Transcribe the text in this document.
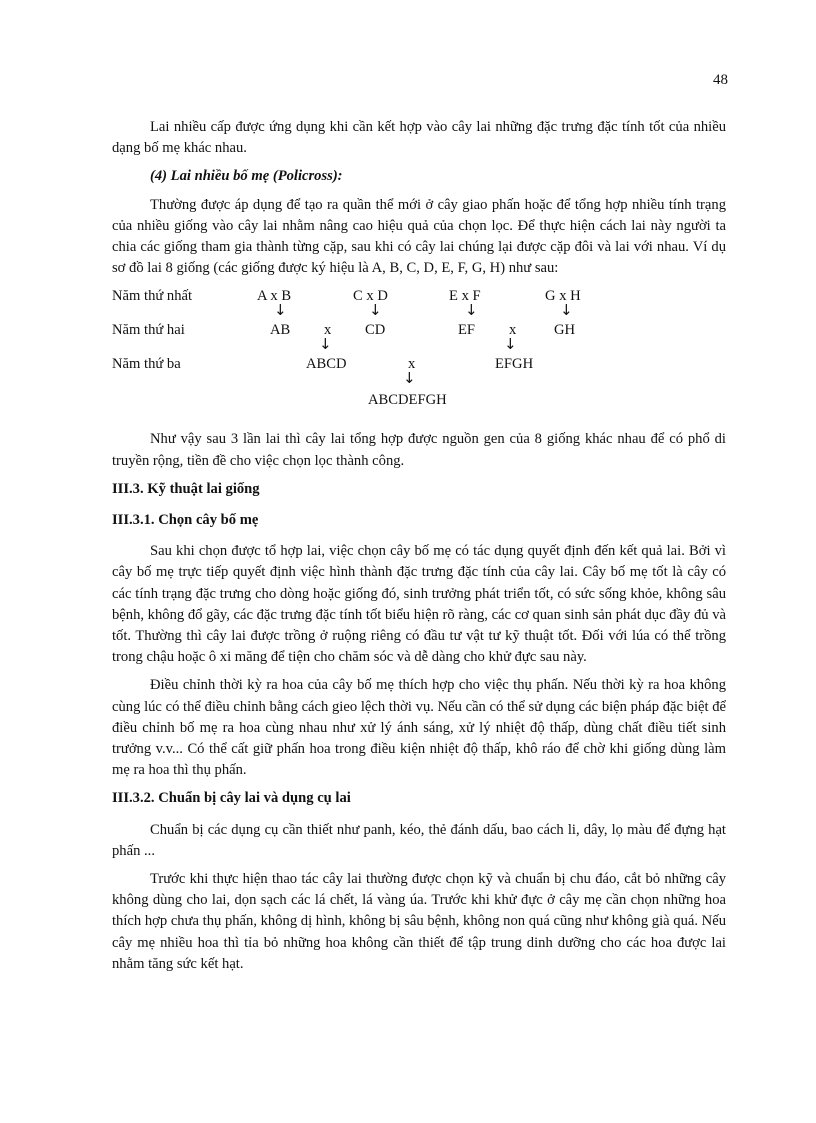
48

Lai nhiều cấp được ứng dụng khi cần kết hợp vào cây lai những đặc trưng đặc tính tốt của nhiều dạng bố mẹ khác nhau.

(4) Lai nhiều bố mẹ (Policross):

Thường được áp dụng để tạo ra quần thể mới ở cây giao phấn hoặc để tổng hợp nhiều tính trạng của nhiều giống vào cây lai nhằm nâng cao hiệu quả của chọn lọc. Để thực hiện cách lai này người ta chia các giống tham gia thành từng cặp, sau khi có cây lai chúng lại được cặp đôi và lai với nhau. Ví dụ sơ đồ lai 8 giống (các giống được ký hiệu là A, B, C, D, E, F, G, H) như sau:

Năm thứ nhất	A x B	C x D	E x F	G x H
↓	↓	↓	↓
Năm thứ hai	AB x CD	EF x	GH
↓	↓
Năm thứ ba	ABCD	x	EFGH
↓
ABCDEFGH

Như vậy sau 3 lần lai thì cây lai tổng hợp được nguồn gen của 8 giống khác nhau để có phổ di truyền rộng, tiền đề cho việc chọn lọc thành công.

III.3. Kỹ thuật lai giống
III.3.1. Chọn cây bố mẹ

Sau khi chọn được tổ hợp lai, việc chọn cây bố mẹ có tác dụng quyết định đến kết quả lai. Bởi vì cây bố mẹ trực tiếp quyết định việc hình thành đặc trưng đặc tính của cây lai. Cây bố mẹ tốt là cây có các tính trạng đặc trưng cho dòng hoặc giống đó, sinh trưởng phát triển tốt, có sức sống khỏe, không sâu bệnh, không đổ gãy, các đặc trưng đặc tính tốt biểu hiện rõ ràng, các cơ quan sinh sản phát dục đầy đủ và tốt. Thường thì cây lai được trồng ở ruộng riêng có đầu tư vật tư kỹ thuật tốt. Đối với lúa có thể trồng trong chậu hoặc ô xi măng để tiện cho chăm sóc và dễ dàng cho khử đực sau này.

Điều chỉnh thời kỳ ra hoa của cây bố mẹ thích hợp cho việc thụ phấn. Nếu thời kỳ ra hoa không cùng lúc có thể điều chỉnh bằng cách gieo lệch thời vụ. Nếu cần có thể sử dụng các biện pháp đặc biệt để điều chỉnh bố mẹ ra hoa cùng nhau như xử lý ánh sáng, xử lý nhiệt độ thấp, dùng chất điều tiết sinh trưởng v.v... Có thể cất giữ phấn hoa trong điều kiện nhiệt độ thấp, khô ráo để chờ khi giống dùng làm mẹ ra hoa thì thụ phấn.

III.3.2. Chuẩn bị cây lai và dụng cụ lai

Chuẩn bị các dụng cụ cần thiết như panh, kéo, thẻ đánh dấu, bao cách li, dây, lọ màu để đựng hạt phấn ...

Trước khi thực hiện thao tác cây lai thường được chọn kỹ và chuẩn bị chu đáo, cắt bỏ những cây không dùng cho lai, dọn sạch các lá chết, lá vàng úa. Trước khi khử đực ở cây mẹ cần chọn những hoa thích hợp chưa thụ phấn, không dị hình, không bị sâu bệnh, không non quá cũng như không già quá. Nếu cây mẹ nhiều hoa thì tỉa bỏ những hoa không cần thiết để tập trung dinh dưỡng cho các hoa được lai nhằm tăng sức kết hạt.
